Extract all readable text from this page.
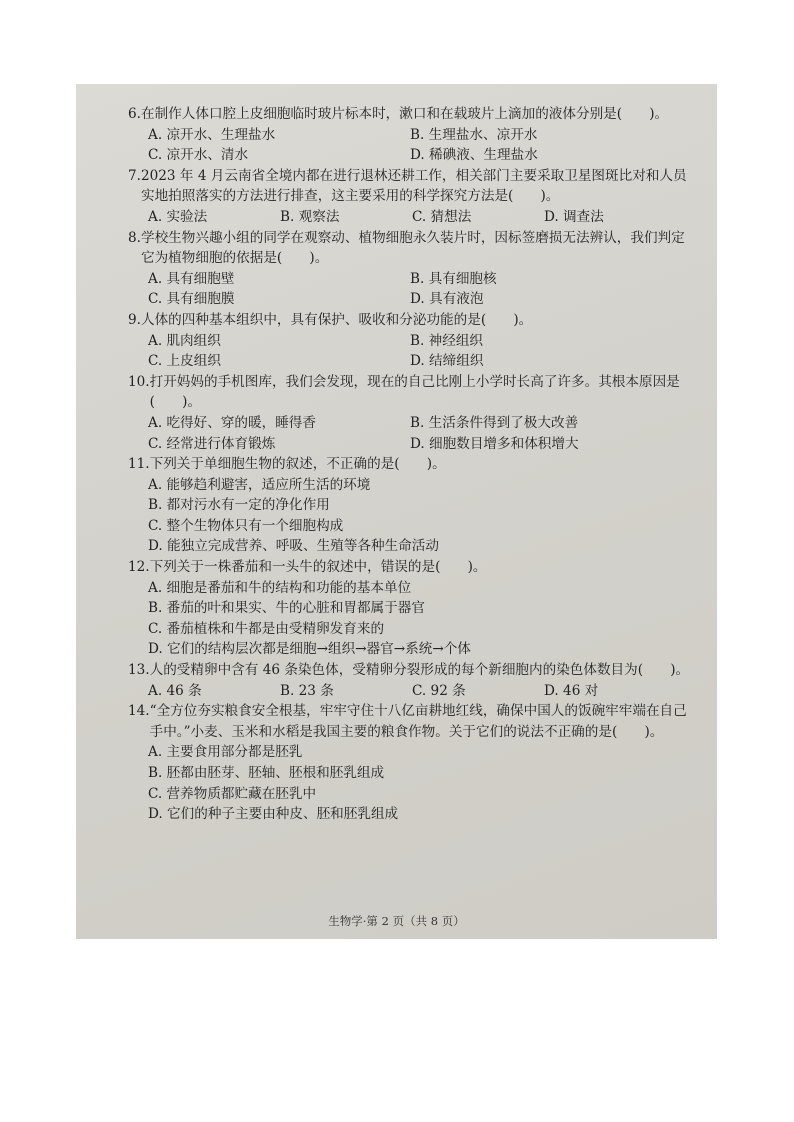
6. 在制作人体口腔上皮细胞临时玻片标本时，漱口和在载玻片上滴加的液体分别是(　　)。
A. 凉开水、生理盐水	B. 生理盐水、凉开水
C. 凉开水、清水	D. 稀碘液、生理盐水
7. 2023 年 4 月云南省全境内都在进行退林还耕工作，相关部门主要采取卫星图斑比对和人员实地拍照落实的方法进行排查，这主要采用的科学探究方法是(　　)。
A. 实验法	B. 观察法	C. 猜想法	D. 调查法
8. 学校生物兴趣小组的同学在观察动、植物细胞永久装片时，因标签磨损无法辨认，我们判定它为植物细胞的依据是(　　)。
A. 具有细胞壁	B. 具有细胞核
C. 具有细胞膜	D. 具有液泡
9. 人体的四种基本组织中，具有保护、吸收和分泌功能的是(　　)。
A. 肌肉组织	B. 神经组织
C. 上皮组织	D. 结缔组织
10. 打开妈妈的手机图库，我们会发现，现在的自己比刚上小学时长高了许多。其根本原因是(　　)。
A. 吃得好、穿的暖，睡得香	B. 生活条件得到了极大改善
C. 经常进行体育锻炼	D. 细胞数目增多和体积增大
11. 下列关于单细胞生物的叙述，不正确的是(　　)。
A. 能够趋利避害，适应所生活的环境
B. 都对污水有一定的净化作用
C. 整个生物体只有一个细胞构成
D. 能独立完成营养、呼吸、生殖等各种生命活动
12. 下列关于一株番茄和一头牛的叙述中，错误的是(　　)。
A. 细胞是番茄和牛的结构和功能的基本单位
B. 番茄的叶和果实、牛的心脏和胃都属于器官
C. 番茄植株和牛都是由受精卵发育来的
D. 它们的结构层次都是细胞→组织→器官→系统→个体
13. 人的受精卵中含有 46 条染色体，受精卵分裂形成的每个新细胞内的染色体数目为(　　)。
A. 46 条	B. 23 条	C. 92 条	D. 46 对
14. “全方位夯实粮食安全根基，牢牢守住十八亿亩耕地红线，确保中国人的饭碗牢牢端在自己手中。”小麦、玉米和水稻是我国主要的粮食作物。关于它们的说法不正确的是(　　)。
A. 主要食用部分都是胚乳
B. 胚都由胚芽、胚轴、胚根和胚乳组成
C. 营养物质都贮藏在胚乳中
D. 它们的种子主要由种皮、胚和胚乳组成
生物学·第 2 页（共 8 页）
